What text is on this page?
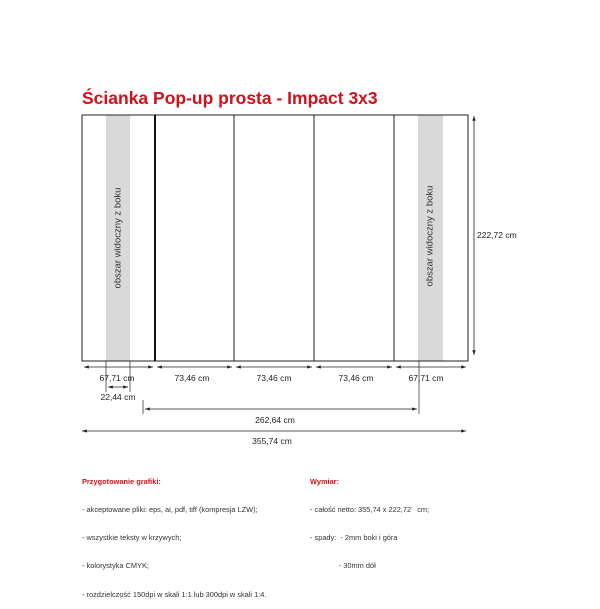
Ścianka Pop-up prosta - Impact 3x3
obszar widoczny z boku	obszar widoczny z boku	222,72 cm
67,71 cm	73,46 cm	73,46 cm	73,46 cm	67,71 cm
22,44 cm
262,64 cm
355,74 cm

Przygotowanie grafiki:

- akceptowane pliki: eps, ai, pdf, tiff (kompresja LZW);

- wszystkie teksty w krzywych;

- kolorystyka CMYK;

- rozdzielczość 150dpi w skali 1:1 lub 300dpi w skali 1:4.

Wymiar:

- całość netto: 355,74 x 222,72   cm;

- spady:  - 2mm boki i góra

- 30mm dół
